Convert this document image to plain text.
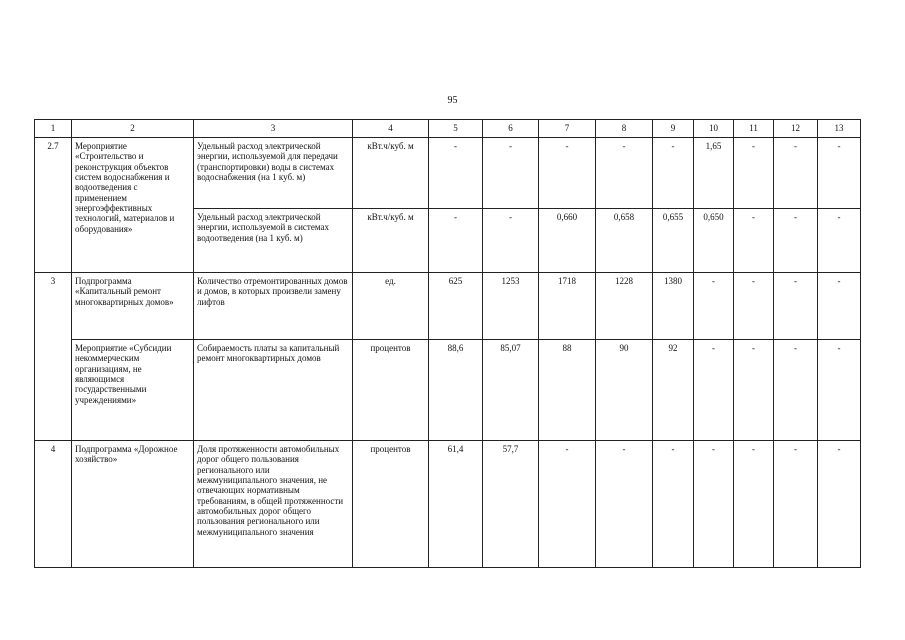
95
1	2	3	4	5	6	7	8	9	10	11	12	13
2.7	Мероприятие «Строительство и реконструкция объектов систем водоснабжения и водоотведения с применением энергоэффективных технологий, материалов и оборудования»	Удельный расход электрической энергии, используемой для передачи (транспортировки) воды в системах водоснабжения (на 1 куб. м)	кВт.ч/куб. м	-	-	-	-	-	1,65	-	-	-
		Удельный расход электрической энергии, используемой в системах водоотведения (на 1 куб. м)	кВт.ч/куб. м	-	-	0,660	0,658	0,655	0,650	-	-	-
3	Подпрограмма «Капитальный ремонт многоквартирных домов»	Количество отремонтированных домов и домов, в которых произвели замену лифтов	ед.	625	1253	1718	1228	1380	-	-	-	-
	Мероприятие «Субсидии некоммерческим организациям, не являющимся государственными учреждениями»	Собираемость платы за капитальный ремонт многоквартирных домов	процентов	88,6	85,07	88	90	92	-	-	-	-
4	Подпрограмма «Дорожное хозяйство»	Доля протяженности автомобильных дорог общего пользования регионального или межмуниципального значения, не отвечающих нормативным требованиям, в общей протяженности автомобильных дорог общего пользования регионального или межмуниципального значения	процентов	61,4	57,7	-	-	-	-	-	-	-
